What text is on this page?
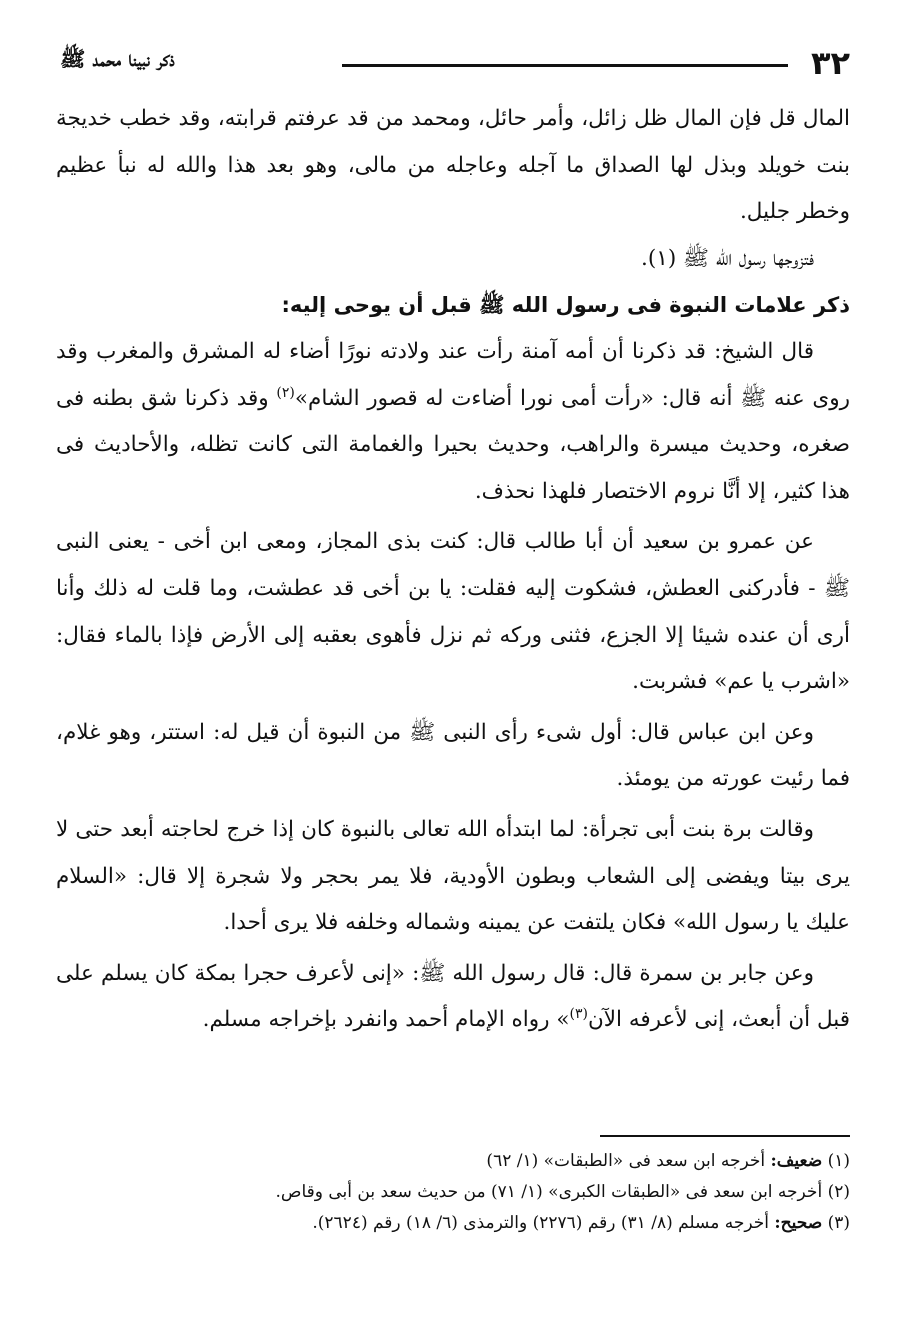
٣٢
ذكر نبينا محمد ﷺ

المال قل فإن المال ظل زائل، وأمر حائل، ومحمد من قد عرفتم قرابته، وقد خطب خديجة بنت خويلد وبذل لها الصداق ما آجله وعاجله من مالى، وهو بعد هذا والله له نبأ عظيم وخطر جليل.

فتزوجها رسول الله ﷺ (١).

ذكر علامات النبوة فى رسول الله ﷺ قبل أن يوحى إليه:

قال الشيخ: قد ذكرنا أن أمه آمنة رأت عند ولادته نورًا أضاء له المشرق والمغرب وقد روى عنه ﷺ أنه قال: «رأت أمى نورا أضاءت له قصور الشام»$^{(٢)}$ وقد ذكرنا شق بطنه فى صغره، وحديث ميسرة والراهب، وحديث بحيرا والغمامة التى كانت تظله، والأحاديث فى هذا كثير، إلا أنَّا نروم الاختصار فلهذا نحذف.

عن عمرو بن سعيد أن أبا طالب قال: كنت بذى المجاز، ومعى ابن أخى - يعنى النبى ﷺ - فأدركنى العطش، فشكوت إليه فقلت: يا بن أخى قد عطشت، وما قلت له ذلك وأنا أرى أن عنده شيئا إلا الجزع، فثنى وركه ثم نزل فأهوى بعقبه إلى الأرض فإذا بالماء فقال: «اشرب يا عم» فشربت.

وعن ابن عباس قال: أول شىء رأى النبى ﷺ من النبوة أن قيل له: استتر، وهو غلام، فما رئيت عورته من يومئذ.

وقالت برة بنت أبى تجرأة: لما ابتدأه الله تعالى بالنبوة كان إذا خرج لحاجته أبعد حتى لا يرى بيتا ويفضى إلى الشعاب وبطون الأودية، فلا يمر بحجر ولا شجرة إلا قال: «السلام عليك يا رسول الله» فكان يلتفت عن يمينه وشماله وخلفه فلا يرى أحدا.

وعن جابر بن سمرة قال: قال رسول الله ﷺ: «إنى لأعرف حجرا بمكة كان يسلم على قبل أن أبعث، إنى لأعرفه الآن$^{(٣)}$» رواه الإمام أحمد وانفرد بإخراجه مسلم.

(١) ضعيف: أخرجه ابن سعد فى «الطبقات» (١/ ٦٢)
(٢) أخرجه ابن سعد فى «الطبقات الكبرى» (١/ ٧١) من حديث سعد بن أبى وقاص.
(٣) صحيح: أخرجه مسلم (٨/ ٣١) رقم (٢٢٧٦) والترمذى (٦/ ١٨) رقم (٢٦٢٤).
